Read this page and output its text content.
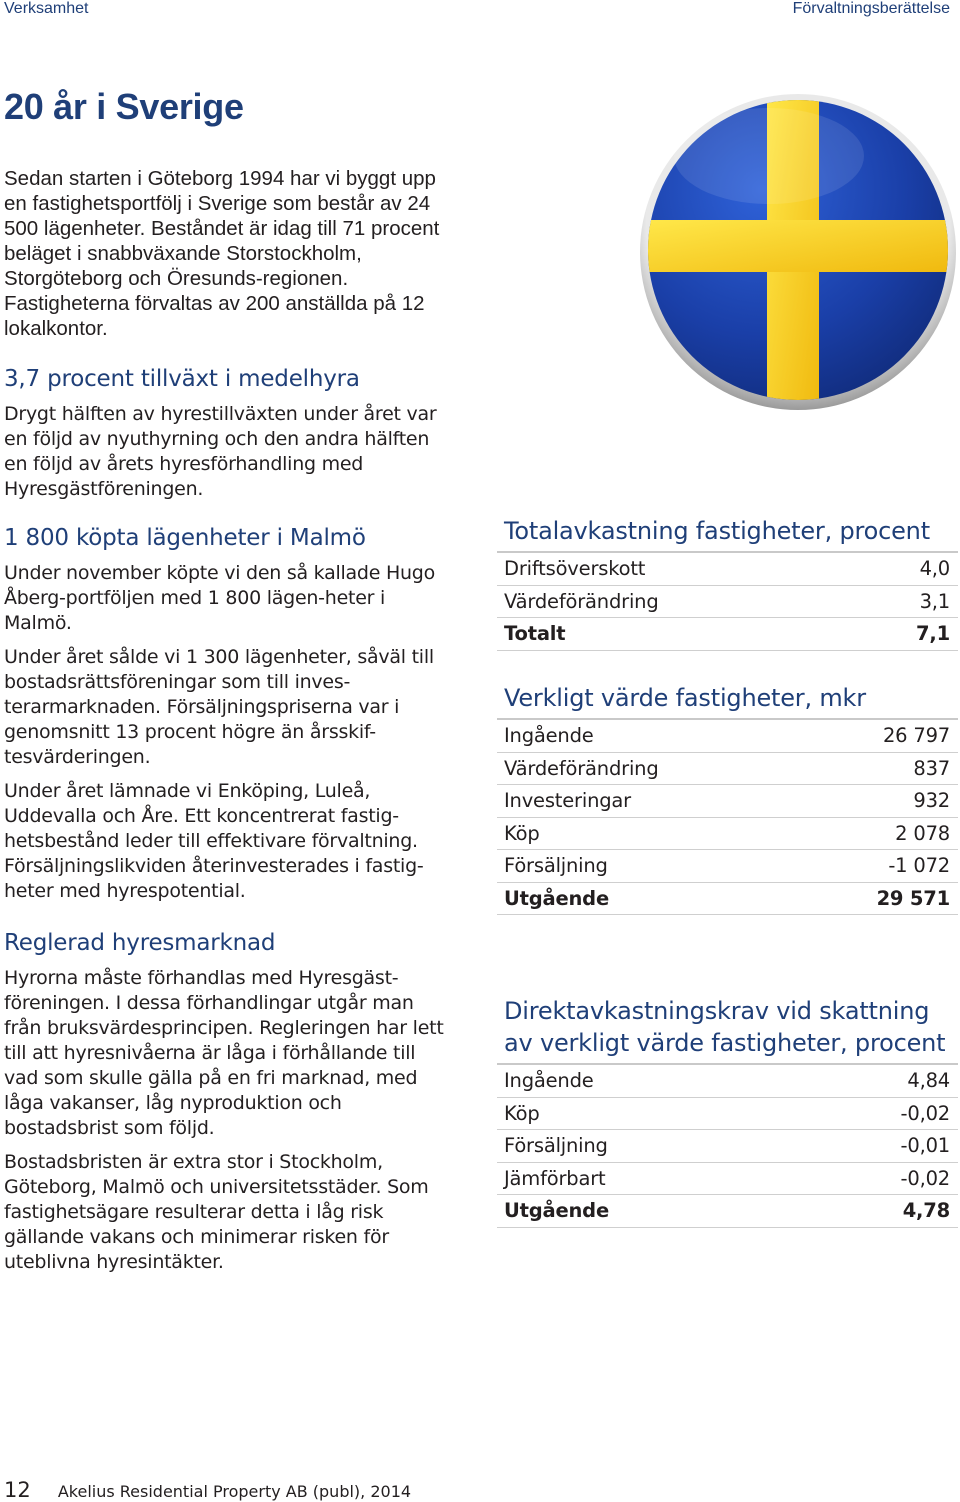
Verksamhet	Förvaltningsberättelse
20 år i Sverige

Sedan starten i Göteborg 1994 har vi byggt upp en fastighetsportfölj i Sverige som består av 24 500 lägenheter. Beståndet är idag till 71 procent beläget i snabbväxande Storstockholm, Storgöteborg och Öresunds-regionen. Fastigheterna förvaltas av 200 anställda på 12 lokalkontor.

3,7 procent tillväxt i medelhyra

Drygt hälften av hyrestillväxten under året var en följd av nyuthyrning och den andra hälften en följd av årets hyresförhandling med Hyresgästföreningen.

1 800 köpta lägenheter i Malmö

Under november köpte vi den så kallade Hugo Åberg-portföljen med 1 800 lägen-heter i Malmö.

Under året sålde vi 1 300 lägenheter, såväl till bostadsrättsföreningar som till inves-terarmarknaden. Försäljningspriserna var i genomsnitt 13 procent högre än årsskif-tesvärderingen.

Under året lämnade vi Enköping, Luleå, Uddevalla och Åre. Ett koncentrerat fastig-hetsbestånd leder till effektivare förvaltning. Försäljningslikviden återinvesterades i fastig-heter med hyrespotential.

Reglerad hyresmarknad

Hyrorna måste förhandlas med Hyresgäst-föreningen. I dessa förhandlingar utgår man från bruksvärdesprincipen. Regleringen har lett till att hyresnivåerna är låga i förhållande till vad som skulle gälla på en fri marknad, med låga vakanser, låg nyproduktion och bostadsbrist som följd.

Bostadsbristen är extra stor i Stockholm, Göteborg, Malmö och universitetsstäder. Som fastighetsägare resulterar detta i låg risk gällande vakans och minimerar risken för uteblivna hyresintäkter.

Totalavkastning fastigheter, procent
Driftsöverskott	4,0
Värdeförändring	3,1
Totalt	7,1
Verkligt värde fastigheter, mkr
Ingående	26 797
Värdeförändring	837
Investeringar	932
Köp	2 078
Försäljning	-1 072
Utgående	29 571
Direktavkastningskrav vid skattning
av verkligt värde fastigheter, procent
Ingående	4,84
Köp	-0,02
Försäljning	-0,01
Jämförbart	-0,02
Utgående	4,78
12 Akelius Residential Property AB (publ), 2014
